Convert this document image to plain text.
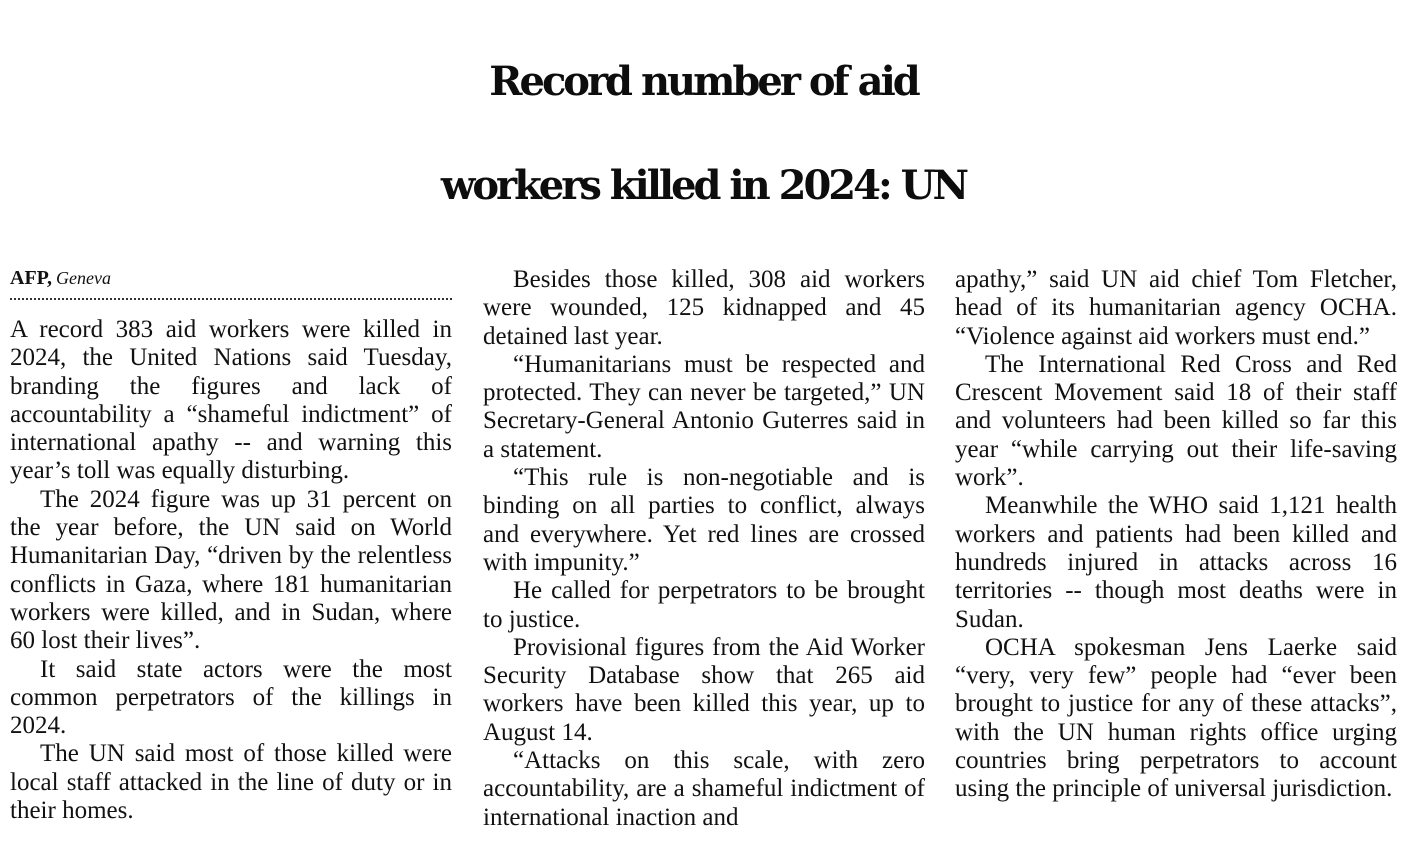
Record number of aid
workers killed in 2024: UN
AFP, Geneva

A record 383 aid workers were killed in 2024, the United Nations said Tuesday, branding the figures and lack of accountability a “shameful indictment” of international apathy -- and warning this year’s toll was equally disturbing.

The 2024 figure was up 31 percent on the year before, the UN said on World Humanitarian Day, “driven by the relentless conflicts in Gaza, where 181 humanitarian workers were killed, and in Sudan, where 60 lost their lives”.

It said state actors were the most common perpetrators of the killings in 2024.

The UN said most of those killed were local staff attacked in the line of duty or in their homes.

Besides those killed, 308 aid workers were wounded, 125 kidnapped and 45 detained last year.

“Humanitarians must be respected and protected. They can never be targeted,” UN Secretary-General Antonio Guterres said in a statement.

“This rule is non-negotiable and is binding on all parties to conflict, always and everywhere. Yet red lines are crossed with impunity.”

He called for perpetrators to be brought to justice.

Provisional figures from the Aid Worker Security Database show that 265 aid workers have been killed this year, up to August 14.

“Attacks on this scale, with zero accountability, are a shameful indictment of international inaction and

apathy,” said UN aid chief Tom Fletcher, head of its humanitarian agency OCHA. “Violence against aid workers must end.”

The International Red Cross and Red Crescent Movement said 18 of their staff and volunteers had been killed so far this year “while carrying out their life-saving work”.

Meanwhile the WHO said 1,121 health workers and patients had been killed and hundreds injured in attacks across 16 territories -- though most deaths were in Sudan.

OCHA spokesman Jens Laerke said “very, very few” people had “ever been brought to justice for any of these attacks”, with the UN human rights office urging countries bring perpetrators to account using the principle of universal jurisdiction.
